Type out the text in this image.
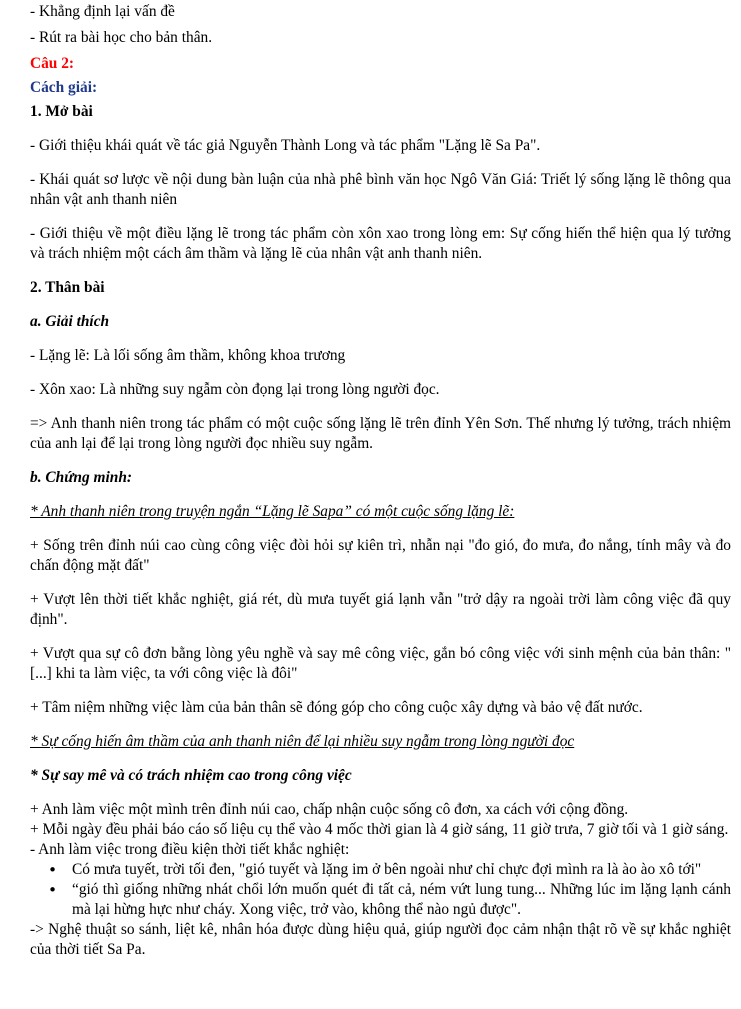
- Khẳng định lại vấn đề

- Rút ra bài học cho bản thân.

Câu 2:

Cách giải:

1. Mở bài

- Giới thiệu khái quát về tác giả Nguyễn Thành Long và tác phẩm "Lặng lẽ Sa Pa".

- Khái quát sơ lược về nội dung bàn luận của nhà phê bình văn học Ngô Văn Giá: Triết lý sống lặng lẽ thông qua nhân vật anh thanh niên

- Giới thiệu về một điều lặng lẽ trong tác phẩm còn xôn xao trong lòng em: Sự cống hiến thể hiện qua lý tưởng và trách nhiệm một cách âm thầm và lặng lẽ của nhân vật anh thanh niên.

2. Thân bài

a. Giải thích

- Lặng lẽ: Là lối sống âm thầm, không khoa trương

- Xôn xao: Là những suy ngẫm còn đọng lại trong lòng người đọc.

=> Anh thanh niên trong tác phẩm có một cuộc sống lặng lẽ trên đỉnh Yên Sơn. Thế nhưng lý tưởng, trách nhiệm của anh lại để lại trong lòng người đọc nhiều suy ngẫm.

b. Chứng minh:

* Anh thanh niên trong truyện ngắn “Lặng lẽ Sapa” có một cuộc sống lặng lẽ:

+ Sống trên đỉnh núi cao cùng công việc đòi hỏi sự kiên trì, nhẫn nại "đo gió, đo mưa, đo nắng, tính mây và đo chấn động mặt đất"

+ Vượt lên thời tiết khắc nghiệt, giá rét, dù mưa tuyết giá lạnh vẫn "trở dậy ra ngoài trời làm công việc đã quy định".

+ Vượt qua sự cô đơn bằng lòng yêu nghề và say mê công việc, gắn bó công việc với sinh mệnh của bản thân: "[...] khi ta làm việc, ta với công việc là đôi"

+ Tâm niệm những việc làm của bản thân sẽ đóng góp cho công cuộc xây dựng và bảo vệ đất nước.

* Sự cống hiến âm thầm của anh thanh niên để lại nhiều suy ngẫm trong lòng người đọc

* Sự say mê và có trách nhiệm cao trong công việc

+ Anh làm việc một mình trên đỉnh núi cao, chấp nhận cuộc sống cô đơn, xa cách với cộng đồng.

+ Mỗi ngày đều phải báo cáo số liệu cụ thể vào 4 mốc thời gian là 4 giờ sáng, 11 giờ trưa, 7 giờ tối và 1 giờ sáng.

- Anh làm việc trong điều kiện thời tiết khắc nghiệt:

• Có mưa tuyết, trời tối đen, "gió tuyết và lặng im ở bên ngoài như chỉ chực đợi mình ra là ào ào xô tới"
• “gió thì giống những nhát chổi lớn muốn quét đi tất cả, ném vứt lung tung... Những lúc im lặng lạnh cánh mà lại hừng hực như cháy. Xong việc, trở vào, không thể nào ngủ được".

-> Nghệ thuật so sánh, liệt kê, nhân hóa được dùng hiệu quả, giúp người đọc cảm nhận thật rõ về sự khắc nghiệt của thời tiết Sa Pa.
